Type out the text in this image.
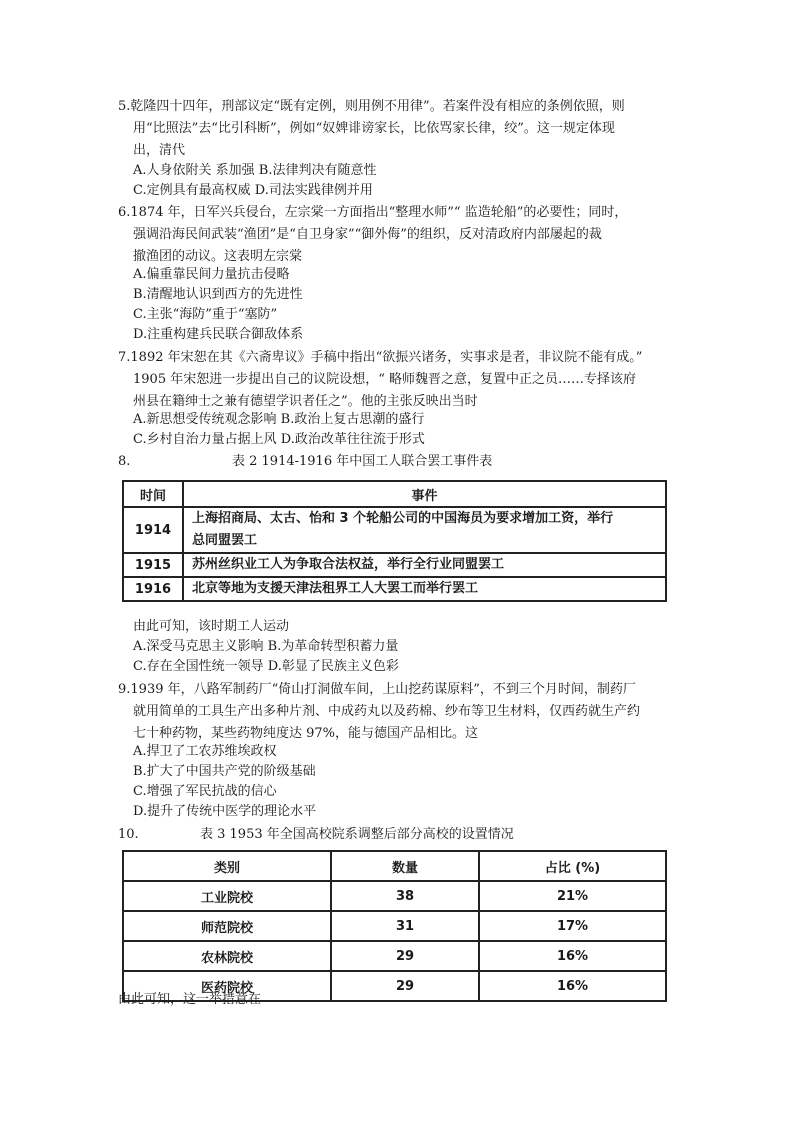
5.乾隆四十四年，刑部议定“既有定例，则用例不用律”。若案件没有相应的条例依照，则
用“比照法”去“比引科断”，例如“奴婢诽谤家长，比依骂家长律，绞”。这一规定体现
出，清代
A.人身依附关 系加强 B.法律判决有随意性
C.定例具有最高权威 D.司法实践律例并用
6.1874 年，日军兴兵侵台，左宗棠一方面指出“整理水师”“ 监造轮船”的必要性；同时，
强调沿海民间武装“渔团”是“自卫身家”“御外侮”的组织，反对清政府内部屡起的裁
撤渔团的动议。这表明左宗棠
A.偏重靠民间力量抗击侵略
B.清醒地认识到西方的先进性
C.主张“海防”重于“塞防”
D.注重构建兵民联合御敌体系
7.1892 年宋恕在其《六斋卑议》手稿中指出“欲振兴诸务，实事求是者，非议院不能有成。”
1905 年宋恕进一步提出自己的议院设想，“ 略师魏晋之意，复置中正之员……专择该府
州县在籍绅士之兼有德望学识者任之”。他的主张反映出当时
A.新思想受传统观念影响 B.政治上复古思潮的盛行
C.乡村自治力量占据上风 D.政治改革往往流于形式
8.	表 2 1914-1916 年中国工人联合罢工事件表
时间	事件
1914	上海招商局、太古、怡和 3 个轮船公司的中国海员为要求增加工资，举行
总同盟罢工

1915	苏州丝织业工人为争取合法权益，举行全行业同盟罢工

1916	北京等地为支援天津法租界工人大罢工而举行罢工
由此可知，该时期工人运动
A.深受马克思主义影响 B.为革命转型积蓄力量
C.存在全国性统一领导 D.彰显了民族主义色彩
9.1939 年，八路军制药厂“倚山打洞做车间，上山挖药谋原料”，不到三个月时间，制药厂
就用简单的工具生产出多种片剂、中成药丸以及药棉、纱布等卫生材料，仅西药就生产约
七十种药物，某些药物纯度达 97%，能与德国产品相比。这
A.捍卫了工农苏维埃政权
B.扩大了中国共产党的阶级基础
C.增强了军民抗战的信心
D.提升了传统中医学的理论水平
10.	表 3 1953 年全国高校院系调整后部分高校的设置情况
类别	数量	占比 (%)
工业院校	38	21%
师范院校	31	17%
农林院校	29	16%
医药院校	29	16%
由此可知，这一举措意在
